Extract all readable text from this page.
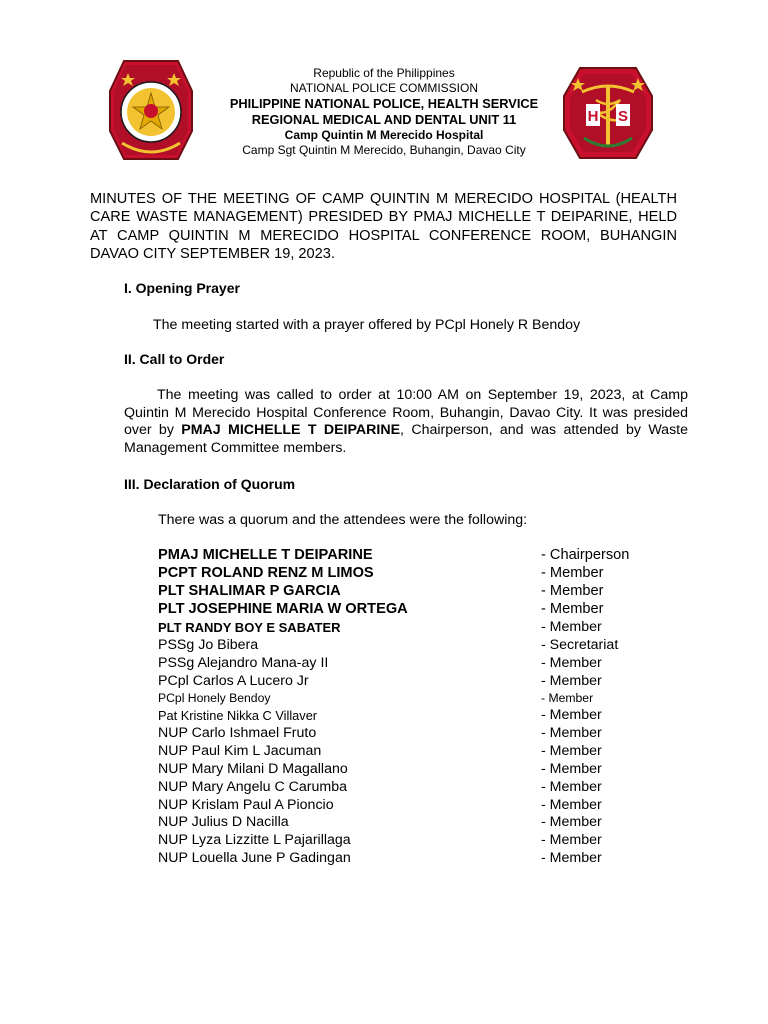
H S
Republic of the Philippines
NATIONAL POLICE COMMISSION
PHILIPPINE NATIONAL POLICE, HEALTH SERVICE
REGIONAL MEDICAL AND DENTAL UNIT 11
Camp Quintin M Merecido Hospital
Camp Sgt Quintin M Merecido, Buhangin, Davao City
MINUTES OF THE MEETING OF CAMP QUINTIN M MERECIDO HOSPITAL (HEALTH CARE WASTE MANAGEMENT) PRESIDED BY PMAJ MICHELLE T DEIPARINE, HELD AT CAMP QUINTIN M MERECIDO HOSPITAL CONFERENCE ROOM, BUHANGIN DAVAO CITY SEPTEMBER 19, 2023.
I. Opening Prayer
The meeting started with a prayer offered by PCpl Honely R Bendoy
II. Call to Order
The meeting was called to order at 10:00 AM on September 19, 2023, at Camp Quintin M Merecido Hospital Conference Room, Buhangin, Davao City. It was presided over by PMAJ MICHELLE T DEIPARINE, Chairperson, and was attended by Waste Management Committee members.
III. Declaration of Quorum
There was a quorum and the attendees were the following:
PMAJ MICHELLE T DEIPARINE	- Chairperson
PCPT ROLAND RENZ M LIMOS	- Member
PLT SHALIMAR P GARCIA	- Member
PLT JOSEPHINE MARIA W ORTEGA	- Member
PLT RANDY BOY E SABATER	- Member
PSSg Jo Bibera	- Secretariat
PSSg Alejandro Mana-ay II	- Member
PCpl Carlos A Lucero Jr	- Member
PCpl Honely Bendoy	- Member
Pat Kristine Nikka C Villaver	- Member
NUP Carlo Ishmael Fruto	- Member
NUP Paul Kim L Jacuman	- Member
NUP Mary Milani D Magallano	- Member
NUP Mary Angelu C Carumba	- Member
NUP Krislam Paul A Pioncio	- Member
NUP Julius D Nacilla	- Member
NUP Lyza Lizzitte L Pajarillaga	- Member
NUP Louella June P Gadingan	- Member
